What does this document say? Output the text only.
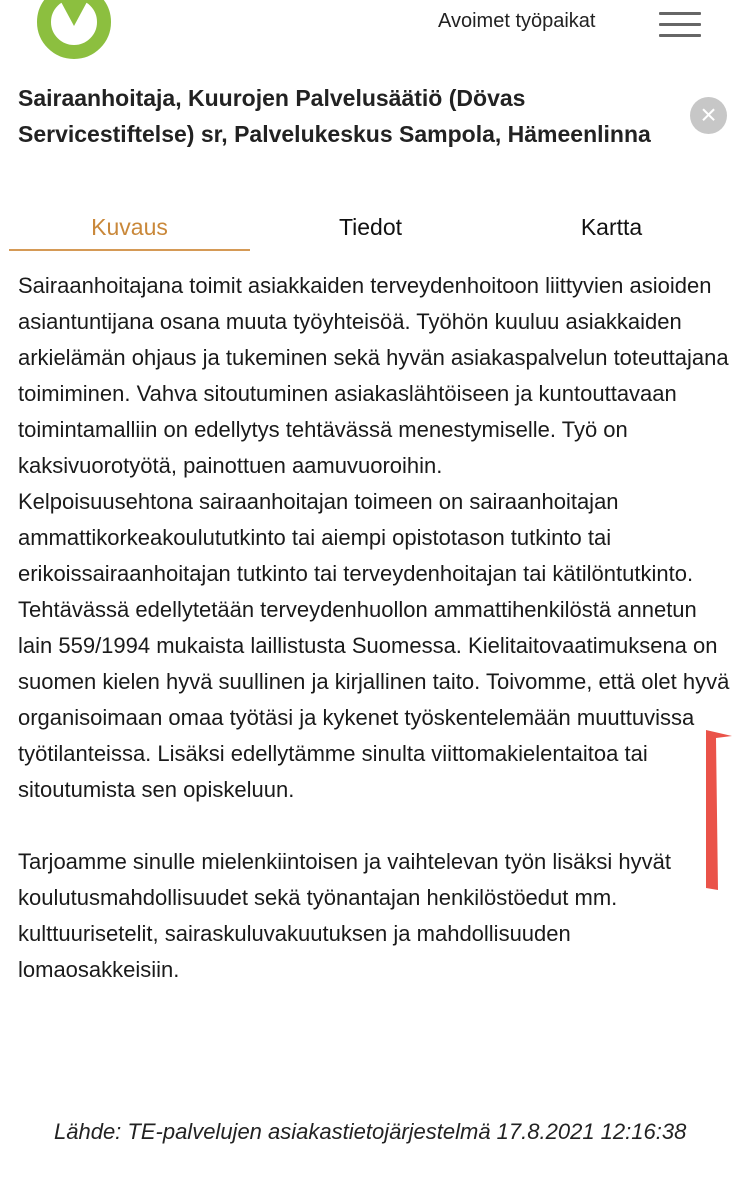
Avoimet työpaikat
Sairaanhoitaja, Kuurojen Palvelusäätiö (Dövas Servicestiftelse) sr, Palvelukeskus Sampola, Hämeenlinna
×
Kuvaus	Tiedot	Kartta

Sairaanhoitajana toimit asiakkaiden terveydenhoitoon liittyvien asioiden asiantuntijana osana muuta työyhteisöä. Työhön kuuluu asiakkaiden arkielämän ohjaus ja tukeminen sekä hyvän asiakaspalvelun toteuttajana toimiminen. Vahva sitoutuminen asiakaslähtöiseen ja kuntouttavaan toimintamalliin on edellytys tehtävässä menestymiselle. Työ on kaksivuorotyötä, painottuen aamuvuoroihin.

Kelpoisuusehtona sairaanhoitajan toimeen on sairaanhoitajan ammattikorkeakoulututkinto tai aiempi opistotason tutkinto tai erikoissairaanhoitajan tutkinto tai terveydenhoitajan tai kätilöntutkinto.

Tehtävässä edellytetään terveydenhuollon ammattihenkilöstä annetun lain 559/1994 mukaista laillistusta Suomessa. Kielitaitovaatimuksena on suomen kielen hyvä suullinen ja kirjallinen taito. Toivomme, että olet hyvä organisoimaan omaa työtäsi ja kykenet työskentelemään muuttuvissa työtilanteissa. Lisäksi edellytämme sinulta viittomakielentaitoa tai sitoutumista sen opiskeluun.

Tarjoamme sinulle mielenkiintoisen ja vaihtelevan työn lisäksi hyvät koulutusmahdollisuudet sekä työnantajan henkilöstöedut mm. kulttuurisetelit, sairaskuluvakuutuksen ja mahdollisuuden lomaosakkeisiin.

Lähde: TE-palvelujen asiakastietojärjestelmä 17.8.2021 12:16:38
